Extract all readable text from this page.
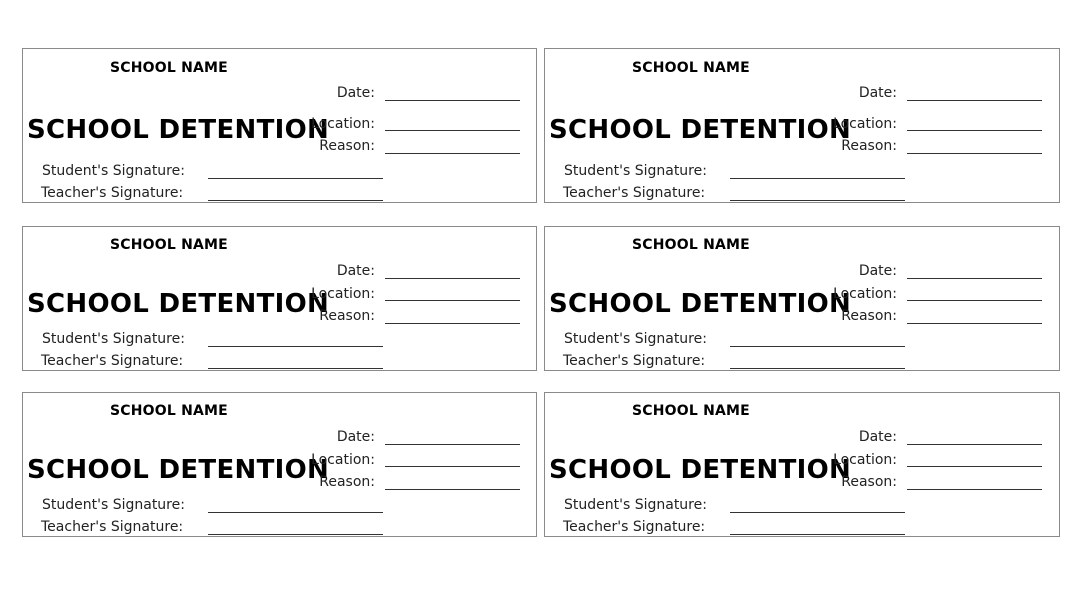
SCHOOL NAME
Date:
SCHOOL DETENTION
Location:
Reason:
Student's Signature:
Teacher's Signature:
SCHOOL NAME
Date:
SCHOOL DETENTION
Location:
Reason:
Student's Signature:
Teacher's Signature:
SCHOOL NAME
Date:
SCHOOL DETENTION
Location:
Reason:
Student's Signature:
Teacher's Signature:
SCHOOL NAME
Date:
SCHOOL DETENTION
Location:
Reason:
Student's Signature:
Teacher's Signature:
SCHOOL NAME
Date:
SCHOOL DETENTION
Location:
Reason:
Student's Signature:
Teacher's Signature:
SCHOOL NAME
Date:
SCHOOL DETENTION
Location:
Reason:
Student's Signature:
Teacher's Signature:
